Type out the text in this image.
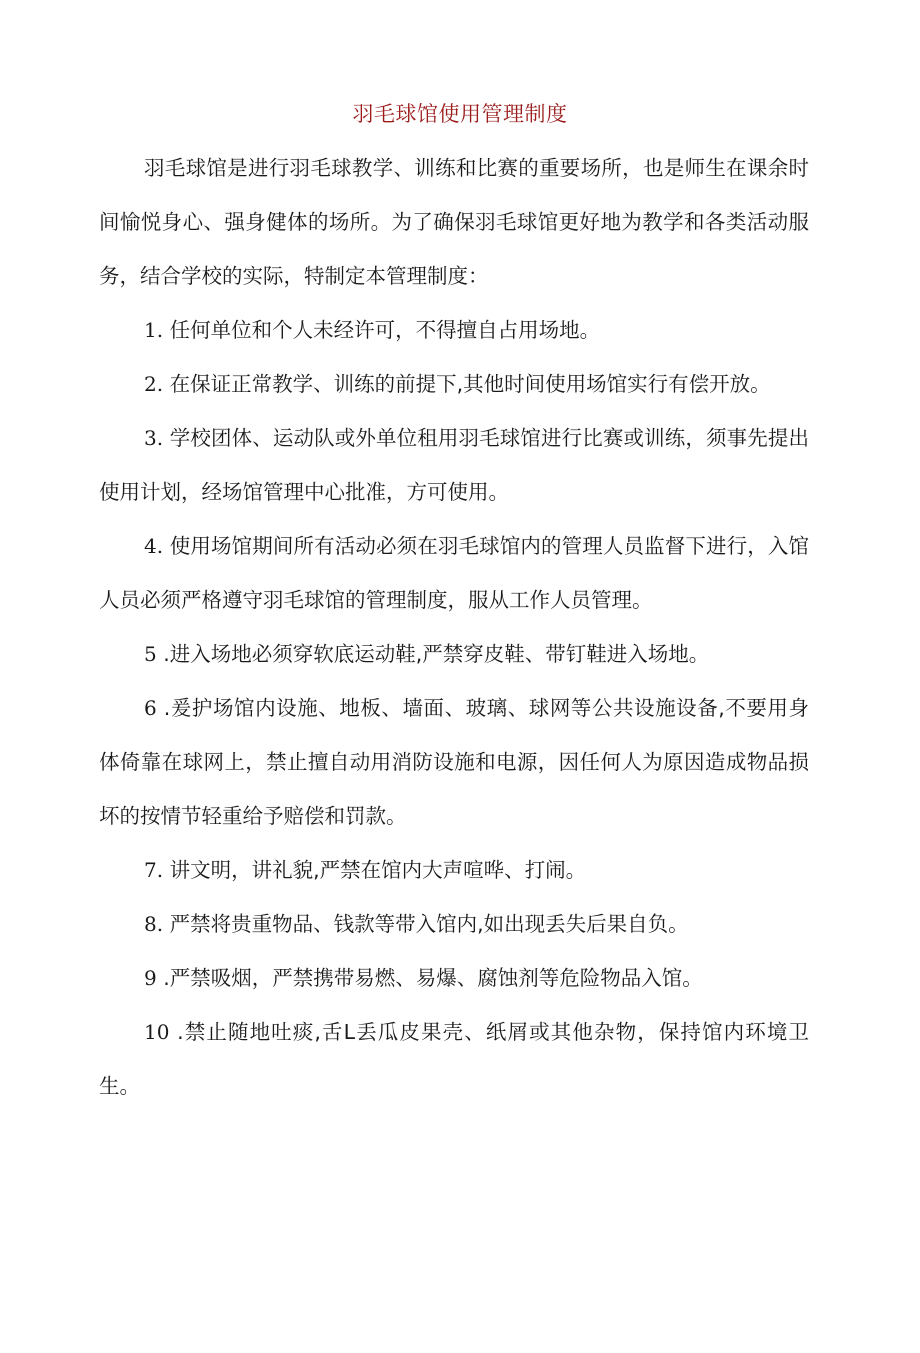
羽毛球馆使用管理制度

羽毛球馆是进行羽毛球教学、训练和比赛的重要场所，也是师生在课余时间愉悦身心、强身健体的场所。为了确保羽毛球馆更好地为教学和各类活动服务，结合学校的实际，特制定本管理制度：

1. 任何单位和个人未经许可，不得擅自占用场地。

2. 在保证正常教学、训练的前提下,其他时间使用场馆实行有偿开放。

3. 学校团体、运动队或外单位租用羽毛球馆进行比赛或训练，须事先提出使用计划，经场馆管理中心批准，方可使用。

4. 使用场馆期间所有活动必须在羽毛球馆内的管理人员监督下进行，入馆人员必须严格遵守羽毛球馆的管理制度，服从工作人员管理。

5 .进入场地必须穿软底运动鞋,严禁穿皮鞋、带钉鞋进入场地。

6 .爰护场馆内设施、地板、墙面、玻璃、球网等公共设施设备,不要用身体倚靠在球网上，禁止擅自动用消防设施和电源，因任何人为原因造成物品损坏的按情节轻重给予赔偿和罚款。

7. 讲文明，讲礼貌,严禁在馆内大声喧哗、打闹。

8. 严禁将贵重物品、钱款等带入馆内,如出现丢失后果自负。

9 .严禁吸烟，严禁携带易燃、易爆、腐蚀剂等危险物品入馆。

10 .禁止随地吐痰,舌L丢瓜皮果壳、纸屑或其他杂物，保持馆内环境卫生。
